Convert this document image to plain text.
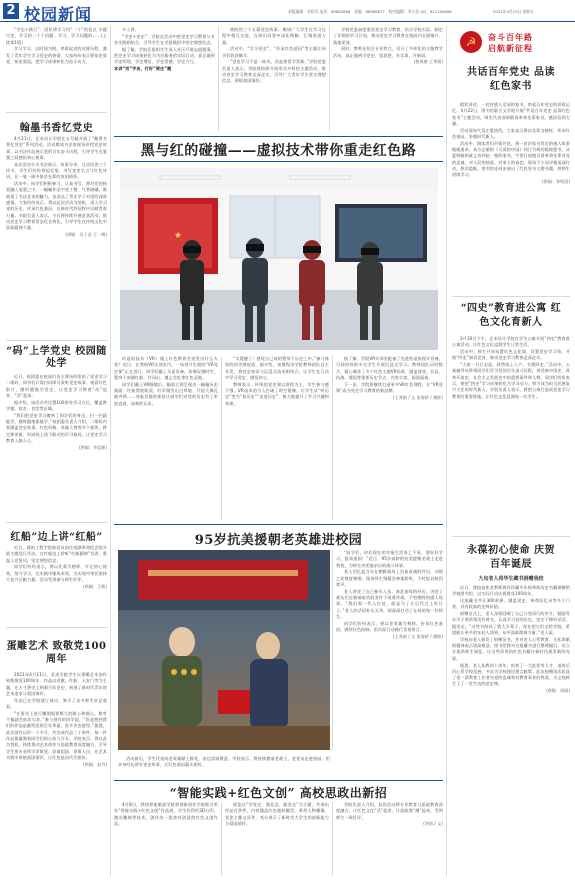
2 校园新闻	本版编辑：李彩凤 电话：86880866　责编：86868877　校对编辑：李小美 QQ：821106866	2021年4月23日 星期五

“学史+践行”：团队将学习用“一个”的老式 专题讨论，学习的二十个问题，学习，学习问题的……(上续第1版)

学习学习，以时间为纲，串联起党的光辉历程，激发了青年学生学习党史的热情，大家纷纷表示要知史爱党、知史爱国，把学习成果转化为奋斗动力。

翰墨书香忆党史

4月21日，艺术设计学院在五号楼开展了“翰墨书香忆党史”系列活动，活动邀请书法家现场讲授党史故事，以书法作品展示党的百年奋斗历程，引导学生在笔墨之间感悟初心使命。

本次活动分为书法展示、故事分享、互动问答三个环节，学生们纷纷拿起毛笔，书写党史名言与红色诗词，在一笔一画中体会先辈的家国情怀。

活动中，同学们积极参与，认真书写，将对党的热爱融入笔墨之中。一幅幅作品字迹工整、气势磅礴，既展现了书法艺术的魅力，也表达了青年学子对党的深厚感情。大家纷纷表示，将以此次活动为契机，深入学习党的历史，传承红色基因，在新时代的征程中贡献青春力量。书院负责人表示，今后将持续开展此类活动，推动党史学习教育常态化长效化，引导学生在传统文化中汲取精神力量。

(供稿：吴子浩 王一博)

“码”上学党史 校园随处学

近日，校团委在校园内各主要场所张贴了党史学习二维码，同学们只需扫码即可收听党史故事、观看红色影片，随时随地学党史，让党史学习教育“动”起来、“活”起来。

据介绍，该活动共设置100余处学习点位，覆盖教学楼、宿舍、食堂等区域。

“我们把党史学习搬到了同学们的身边，扫一扫就能学，随时随地都能学。”校团委负责人介绍，二维码内容涵盖党史故事、红色经典、英雄人物等多个板块，将定期更新，形成线上线下联动的学习格局，让党史学习教育入脑入心。

(供稿：李思源)

红船”边上讲“红船”

近日，建筑工程学院新党员前往南湖革命纪念馆开展主题党日活动，在红船边上聆听“红船精神”宣讲，重温入党誓词，坚定理想信念。

同学们纷纷表示，要以先辈为榜样，牢记初心使命，努力学习，在实践中锤炼本领，为实现中华民族伟大复兴贡献力量。活动受到参与师生好评。

(供稿：王敏)

蛋雕艺术 致敬党100周年

2021年4月11日，美术学院学生以蛋雕艺术创作致敬建党100周年，作品以党旗、红船、天安门等为主题，在方寸蛋壳上刻画百年党史，展现了新时代青年的艺术追求与爱国情怀。

作品已在学院展厅展出，吸引了众多师生驻足观看。

“在蛋壳上进行雕刻需要极大的耐心和细心，稍有不慎就会前功尽弃。”参与创作的同学说，“但是想到我们的作品是献给党的百年华诞，再辛苦也值得。”据悉，此次创作历时一个多月，共完成作品三十余件，每一件作品都凝聚着同学们的心血与汗水。学院表示，将以此为契机，持续推动艺术创作与思政教育深度融合，引导学生用专业所学讴歌党、讴歌祖国、讴歌人民，在艺术实践中厚植爱国情怀，让红色基因代代相传。

(供稿：赵丹)

多入讲。

“学史+党史”：学院在活动中把党史学习教育与专业实践相结合，引导学生在学思践悟中坚定理想信念。

据了解，学院还组织学生深入社区开展志愿服务，把党史学习成果转化为为民服务的实际行动，真正做到学史明理、学史增信、学史崇德、学史力行。

本讲“用”字诀，打好“责任”题

商院的三十五篇党史故事，邀请广大学生在学习过程中相互交流，在知识问答中深化理解，汇聚奋进力量。

活动中，“学习党史”、“传承红色基因”等主题让同学们收获颇丰。

“党史学习不是一阵风，而是要常学常新。”学院党委负责人表示，学院将持续开展形式多样的主题活动，推动党史学习教育走深走实，引导广大青年学生坚定理想信念，厚植爱国情怀。

学校党委高度重视党史学习教育，结合学校实际，制定了详细的学习计划，推动党史学习教育在校园内全面铺开、落地见效。

同时，教师还结合专业特点，设计了多样化的主题教学活动，真正做到学党史、悟思想、办实事、开新局。

(曾成康 王秀娟)

☭	奋斗百年路
启航新征程
共话百年党史 品读红色家书

精彩讲述，一封封感人至深的家书，串起百年党史的珍贵记忆。4月22日，图书馆联合文学院开展“共话百年党史 品读红色家书”主题活动，师生代表深情朗读革命先辈家书，感悟信仰力量。

活动现场气氛庄重热烈，大家表示将以先辈为榜样，传承红色基因，争做时代新人。

活动中，朗读者们声情并茂，将一封封家书背后的感人故事娓娓道来。从方志敏的《可爱的中国》到江竹筠的临终遗书，从夏明翰的就义诗到赵一曼的家书，字里行间饱含着革命先辈对党的忠诚、对人民的热爱、对家人的眷恋。现场不少同学被深深打动，热泪盈眶。图书馆还同步展出了红色家书主题书籍，供师生借阅学习。

(供稿：李明清)

“四史”教育进公寓 红色文化育新人

3月30日下午，艺术设计学院在学生公寓开展“四史”教育进公寓活动，让红色文化浸润学生日常生活。

活动中，师生共同布置红色文化墙，设置党史学习角，开展“四史”知识竞答，推动党史学习教育走深走实。

“大家一日行走起，跃然纸上入户，书墨四史。”活动中，公寓辅导员带领同学们学习党的百年奋斗历程，讲述新中国史、改革开放史、社会主义发展史中的重要事件和人物。同学们纷纷表示，要把“四史”学习成果转化为学习动力，努力成为担当民族复兴大任的时代新人。学院负责人表示，将把公寓打造成党史学习教育的重要阵地，让红色文化浸润每一位学生。

永葆初心使命 庆贺百年诞辰
九旬老人将毕生藏书捐赠我校

近日，我校退休老教师将其珍藏多年的革命历史书籍捐赠给学校图书馆，以实际行动庆祝建党100周年。

这批藏书共计300余册，涵盖党史、革命回忆录等多个门类，具有较高的史料价值。

捐赠仪式上，老人深情回顾了自己与党同行的岁月，勉励青年学子要珍惜美好时光，认真学习党的历史，坚定不移听党话、跟党走。“这些书陪伴了我大半辈子，现在把它们交给学校，希望能让更多的年轻人读到，从中汲取精神力量。”老人说。

学校向老人颁发了捐赠证书，并对老人心系教育、无私奉献的精神表示崇高敬意。图书馆将对这批藏书进行整理编目，设立专架供师生阅览，让这些珍贵的红色书籍在新时代焕发新的光彩。

据悉，老人从教四十余年，培养了一大批优秀人才，退休后仍心系学校发展，多次为学校建设建言献策。此次捐赠再次彰显了老一辈教育工作者对党的忠诚和对教育事业的热爱，为全校师生上了一堂生动的党史课。

(供稿：胡丽)

黑与红的碰撞——虚拟技术带你重走红色路
★

传虚拟技术（VR）遇上红色教育会迸发出什么火花？近日，在我校VR实训室内，一场别开生面的“VR党史课”正在进行，同学们戴上头显设备，仿佛穿越时空，置身于南湖红船、井冈山、遵义会址等红色圣地。

同学们戴上VR眼镜后，眼前立即呈现出一幅幅历史画面：红船劈波斩浪、红军爬雪山过草地、开国大典礼炮齐鸣……身临其境的体验让同学们对党的历史有了更加直观、深刻的认识。

“太震撼了！感觉自己真的置身于历史之中。”参与体验的同学感叹道。据介绍，该课程由学院教师团队自主开发，将党史知识与沉浸式技术相结合，让学生在互动中学习党史、感悟初心。

教师表示，传统的党史课以讲授为主，学生参与感不强。VR技术的引入打破了时空限制，让学生从“听历史”变为“看历史”“走进历史”，极大地提升了学习兴趣和效果。

据了解，学院VR实训室配备了先进的虚拟现实设备，可同时容纳多名学生开展沉浸式学习。教师团队历时数月，精心制作了多个红色主题VR场景，涵盖建党、长征、抗战、建国等重要历史节点，内容丰富、画面逼真。

下一步，学院将继续打造更多VR红色课程，让“VR党课”成为党史学习教育的新品牌。

(王秀娟 / 文 张海桥 / 摄影)

95岁抗美援朝老英雄进校园

“同学们，你们现在的幸福生活来之不易，要好好学习，报效祖国！”近日，95岁高龄的抗美援朝老战士走进我校，为师生讲述他亲历的战斗故事。

老人回忆起当年在朝鲜战场上浴血奋战的经历，动情之处数度哽咽。现场师生聚精会神地聆听，不时报以热烈掌声。

老人讲述了自己参军入伍、奔赴前线的经历，讲述了战友们在极端艰苦的条件下英勇作战、不怕牺牲的感人故事。“我们那一代人打仗，就是为了让后代过上好日子。”老人的话语朴实无华，却深深打动了在场的每一位师生。

同学们纷纷表示，要以老英雄为榜样，传承红色基因，赓续红色血脉，用实际行动践行青春誓言。

(王秀娟 / 文 张海桥 / 摄影)

活动最后，学生代表向老英雄献上鲜花，表达崇高敬意。学校表示，将持续邀请老战士、老党员走进校园，用亲身经历讲好党史故事，让红色基因薪火相传。

“智能实践+红色文创” 高校思政出新招

4月8日，我校智能制造学院和创新创业学院联合举办“智能实践+红色文创”作品展，学生们利用3D打印、激光雕刻等技术，创作出一批富有创意的红色文创作品。

展览以“学党史、强信念、跟党走”为主题，共展出作品百余件，内容涵盖红色地标模型、革命人物雕像、党史主题文具等，充分展示了新时代大学生的创新能力与爱国情怀。

学院负责人介绍，此次活动将专业教育与思政教育深度融合，让红色文化“活”起来，让思政课“潮”起来，受到师生一致好评。

(李倩 / 文)
